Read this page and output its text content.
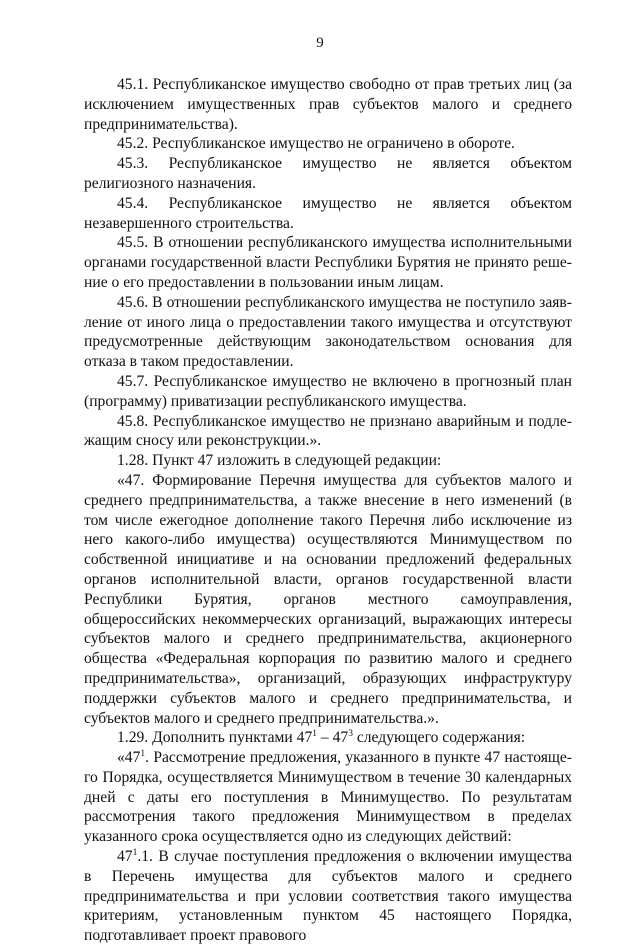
9

45.1. Республиканское имущество свободно от прав третьих лиц (за исключением имущественных прав субъектов малого и среднего предпринимательства).

45.2. Республиканское имущество не ограничено в обороте.

45.3. Республиканское имущество не является объектом религиозного назначения.

45.4. Республиканское имущество не является объектом незавершенного строительства.

45.5. В отношении республиканского имущества исполнительными органами государственной власти Республики Бурятия не принято решение о его предоставлении в пользовании иным лицам.

45.6. В отношении республиканского имущества не поступило заявление от иного лица о предоставлении такого имущества и отсутствуют предусмотренные действующим законодательством основания для отказа в таком предоставлении.

45.7. Республиканское имущество не включено в прогнозный план (программу) приватизации республиканского имущества.

45.8. Республиканское имущество не признано аварийным и подлежащим сносу или реконструкции.».

1.28. Пункт 47 изложить в следующей редакции:

«47. Формирование Перечня имущества для субъектов малого и среднего предпринимательства, а также внесение в него изменений (в том числе ежегодное дополнение такого Перечня либо исключение из него какого-либо имущества) осуществляются Минимуществом по собственной инициативе и на основании предложений федеральных органов исполнительной власти, органов государственной власти Республики Бурятия, органов местного самоуправления, общероссийских некоммерческих организаций, выражающих интересы субъектов малого и среднего предпринимательства, акционерного общества «Федеральная корпорация по развитию малого и среднего предпринимательства», организаций, образующих инфраструктуру поддержки субъектов малого и среднего предпринимательства, и субъектов малого и среднего предпринимательства.».

1.29. Дополнить пунктами $47^1 - 47^3$ следующего содержания:

«$47^1$. Рассмотрение предложения, указанного в пункте 47 настоящего Порядка, осуществляется Минимуществом в течение 30 календарных дней с даты его поступления в Минимущество. По результатам рассмотрения такого предложения Минимуществом в пределах указанного срока осуществляется одно из следующих действий:

$47^1.1$. В случае поступления предложения о включении имущества в Перечень имущества для субъектов малого и среднего предпринимательства и при условии соответствия такого имущества критериям, установленным пунктом 45 настоящего Порядка, подготавливает проект правового
